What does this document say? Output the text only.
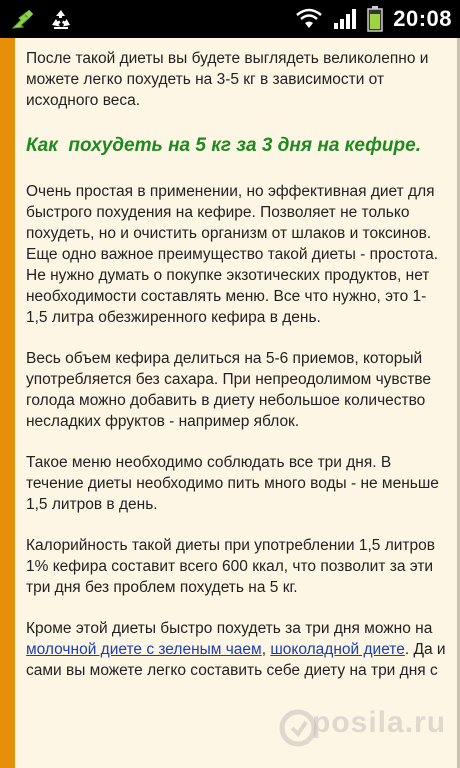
20:08

После такой диеты вы будете выглядеть великолепно и можете легко похудеть на 3-5 кг в зависимости от исходного веса.

Как  похудеть на 5 кг за 3 дня на кефире.

Очень простая в применении, но эффективная диет для быстрого похудения на кефире. Позволяет не только похудеть, но и очистить организм от шлаков и токсинов. Еще одно важное преимущество такой диеты - простота. Не нужно думать о покупке экзотических продуктов, нет необходимости составлять меню. Все что нужно, это 1-1,5 литра обезжиренного кефира в день.

Весь объем кефира делиться на 5-6 приемов, который употребляется без сахара. При непреодолимом чувстве голода можно добавить в диету небольшое количество несладких фруктов - например яблок.

Такое меню необходимо соблюдать все три дня. В течение диеты необходимо пить много воды - не меньше 1,5 литров в день.

Калорийность такой диеты при употреблении 1,5 литров 1% кефира составит всего 600 ккал, что позволит за эти три дня без проблем похудеть на 5 кг.

Кроме этой диеты быстро похудеть за три дня можно на молочной диете с зеленым чаем, шоколадной диете. Да и сами вы можете легко составить себе диету на три дня с

posila.ru
